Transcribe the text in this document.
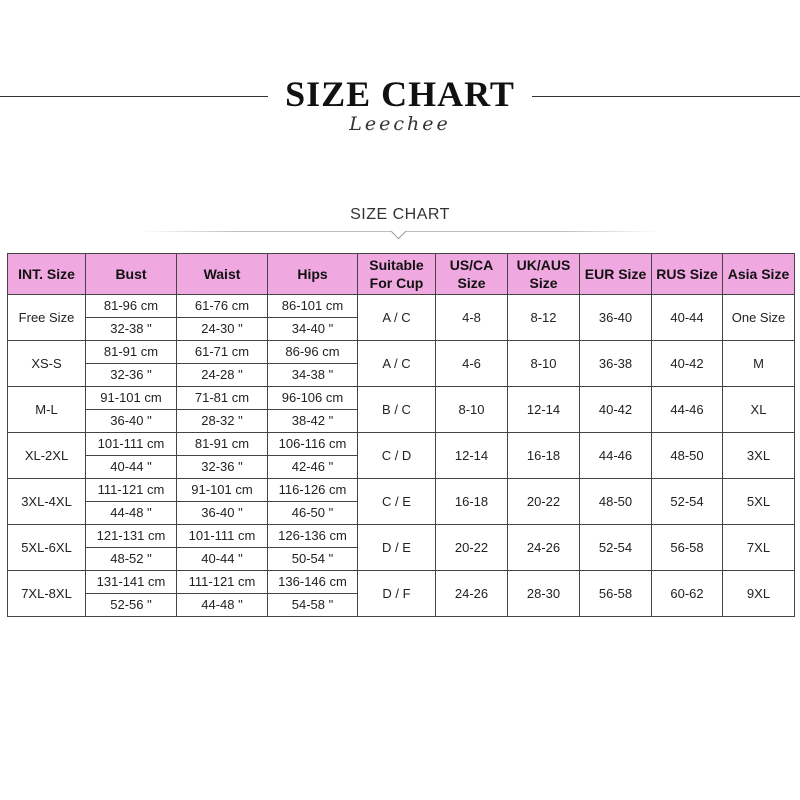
SIZE CHART
Leechee
SIZE CHART
INT. Size	Bust	Waist	Hips	Suitable For Cup	US/CA Size	UK/AUS Size	EUR Size	RUS Size	Asia Size
Free Size	81-96 cm	61-76 cm	86-101 cm	A / C	4-8	8-12	36-40	40-44	One Size
	32-38 "	24-30 "	34-40 "						
XS-S	81-91 cm	61-71 cm	86-96 cm	A / C	4-6	8-10	36-38	40-42	M
	32-36 "	24-28 "	34-38 "						
M-L	91-101 cm	71-81 cm	96-106 cm	B / C	8-10	12-14	40-42	44-46	XL
	36-40 "	28-32 "	38-42 "						
XL-2XL	101-111 cm	81-91 cm	106-116 cm	C / D	12-14	16-18	44-46	48-50	3XL
	40-44 "	32-36 "	42-46 "						
3XL-4XL	111-121 cm	91-101 cm	116-126 cm	C / E	16-18	20-22	48-50	52-54	5XL
	44-48 "	36-40 "	46-50 "						
5XL-6XL	121-131 cm	101-111 cm	126-136 cm	D / E	20-22	24-26	52-54	56-58	7XL
	48-52 "	40-44 "	50-54 "						
7XL-8XL	131-141 cm	111-121 cm	136-146 cm	D / F	24-26	28-30	56-58	60-62	9XL
	52-56 "	44-48 "	54-58 "						
